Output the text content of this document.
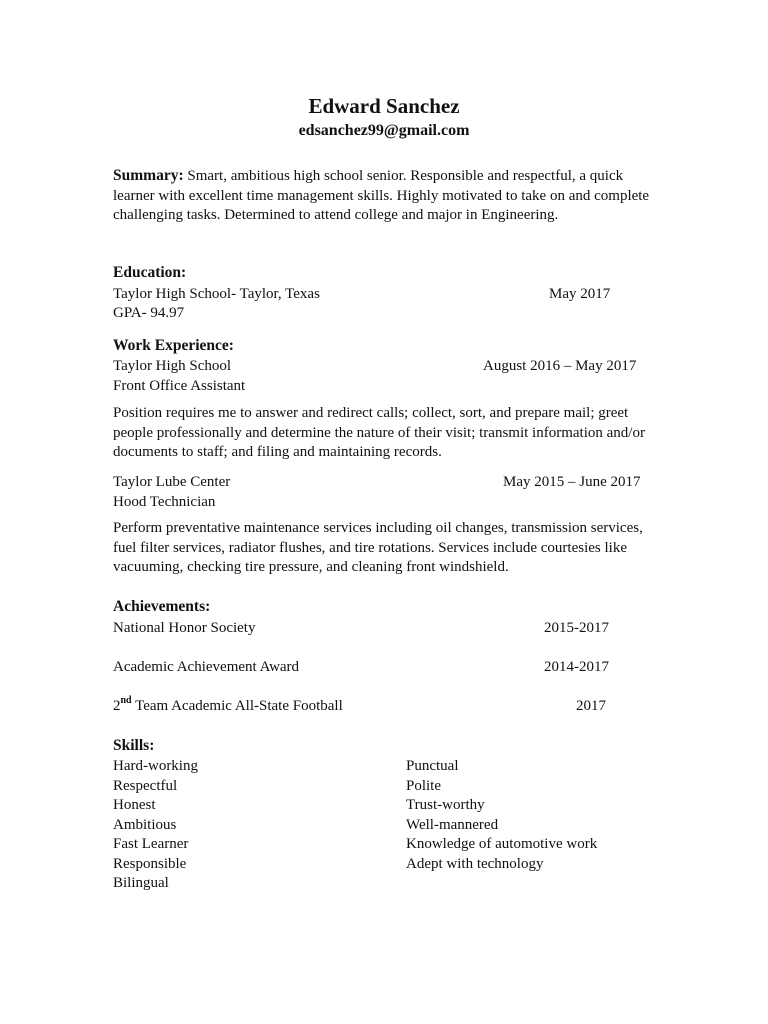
Edward Sanchez
edsanchez99@gmail.com
Summary: Smart, ambitious high school senior. Responsible and respectful, a quick learner with excellent time management skills. Highly motivated to take on and complete challenging tasks. Determined to attend college and major in Engineering.
Education:
Taylor High School- Taylor, Texas	May 2017
GPA- 94.97
Work Experience:
Taylor High School	August 2016 – May 2017
Front Office Assistant
Position requires me to answer and redirect calls; collect, sort, and prepare mail; greet people professionally and determine the nature of their visit; transmit information and/or documents to staff; and filing and maintaining records.
Taylor Lube Center	May 2015 – June 2017
Hood Technician
Perform preventative maintenance services including oil changes, transmission services, fuel filter services, radiator flushes, and tire rotations. Services include courtesies like vacuuming, checking tire pressure, and cleaning front windshield.
Achievements:
National Honor Society	2015-2017
Academic Achievement Award	2014-2017
2nd Team Academic All-State Football	2017
Skills:
Hard-working
Respectful
Honest
Ambitious
Fast Learner
Responsible
Bilingual
Punctual
Polite
Trust-worthy
Well-mannered
Knowledge of automotive work
Adept with technology
